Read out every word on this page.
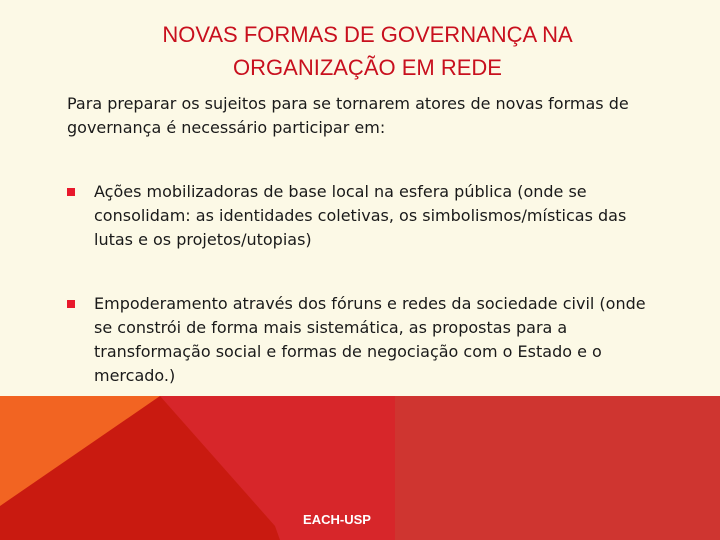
NOVAS FORMAS DE GOVERNANÇA NA
ORGANIZAÇÃO EM REDE
Para preparar os sujeitos para se tornarem atores de novas formas de
governança é necessário participar em:
Ações mobilizadoras de base local na esfera pública (onde se
consolidam: as identidades coletivas, os simbolismos/místicas das
lutas e os projetos/utopias)
Empoderamento através dos fóruns e redes da sociedade civil (onde
se constrói de forma mais sistemática, as propostas para a
transformação social e formas de negociação com o Estado e o
mercado.)
EACH-USP
